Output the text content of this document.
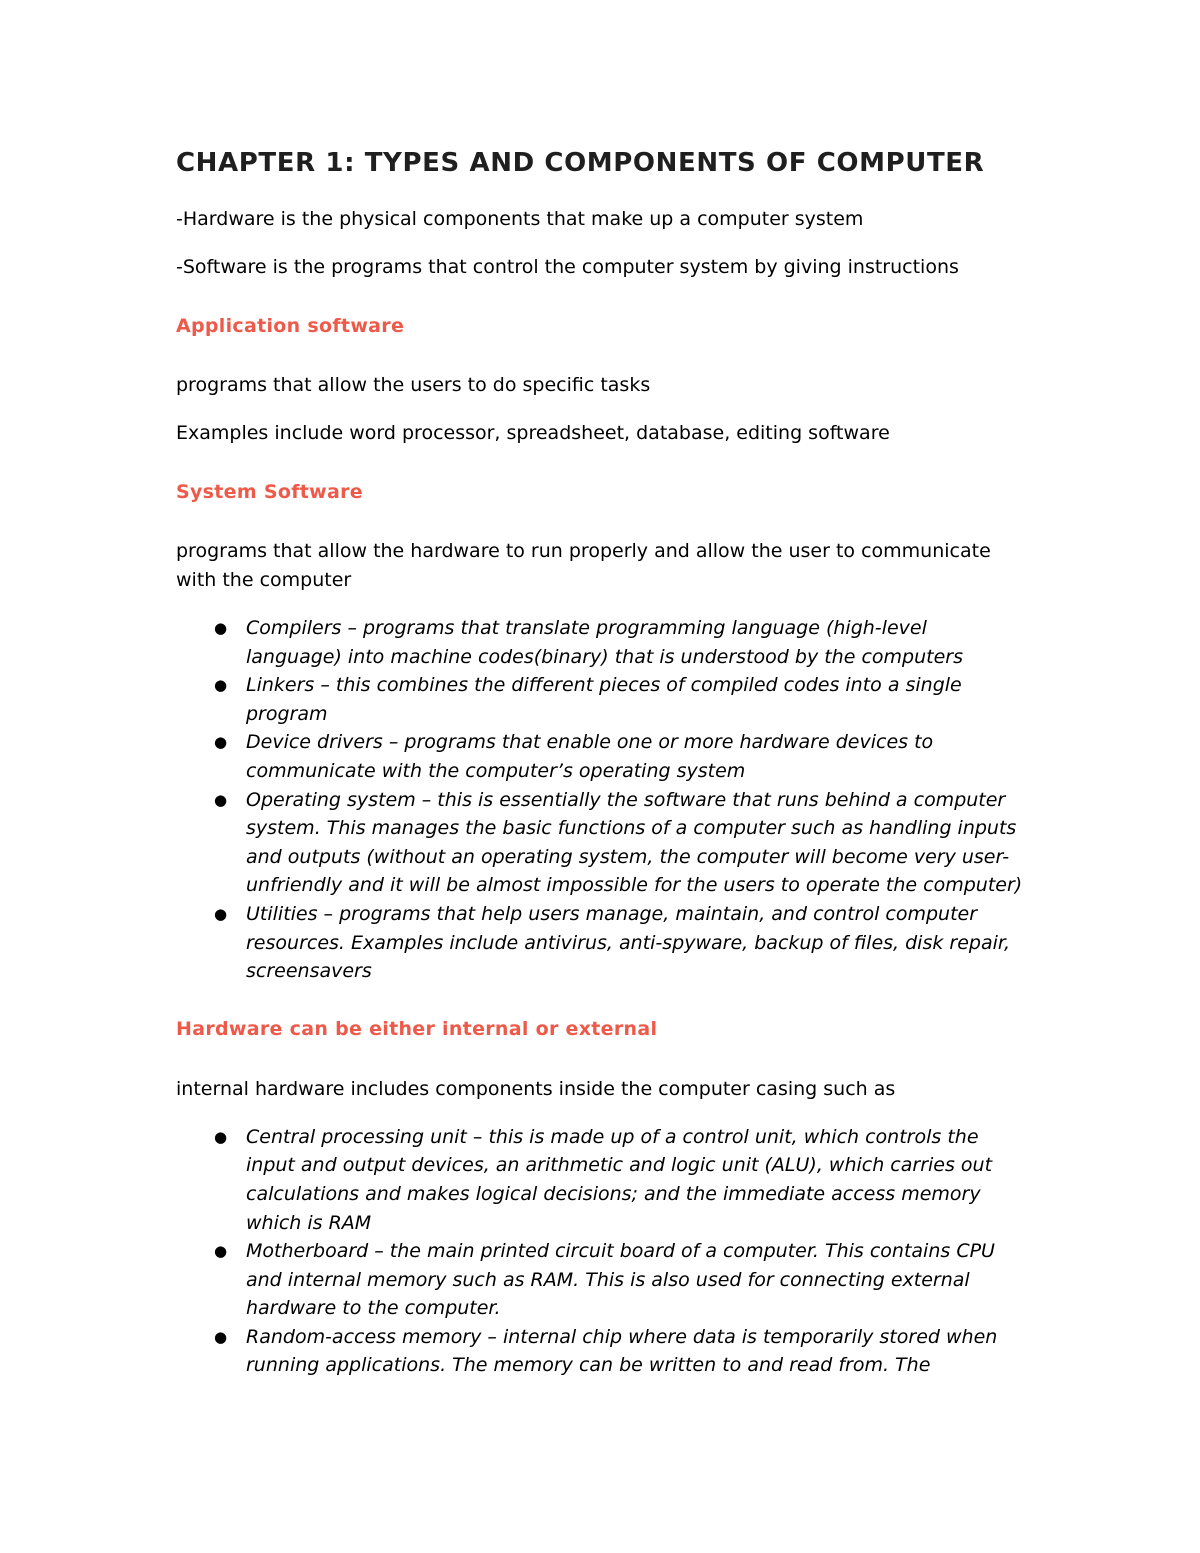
CHAPTER 1: TYPES AND COMPONENTS OF COMPUTER

-Hardware is the physical components that make up a computer system

-Software is the programs that control the computer system by giving instructions

Application software

programs that allow the users to do specific tasks

Examples include word processor, spreadsheet, database, editing software

System Software

programs that allow the hardware to run properly and allow the user to communicate with the computer

● Compilers – programs that translate programming language (high-level language) into machine codes(binary) that is understood by the computers
● Linkers – this combines the different pieces of compiled codes into a single program
● Device drivers – programs that enable one or more hardware devices to communicate with the computer’s operating system
● Operating system – this is essentially the software that runs behind a computer system. This manages the basic functions of a computer such as handling inputs and outputs (without an operating system, the computer will become very user-unfriendly and it will be almost impossible for the users to operate the computer)
● Utilities – programs that help users manage, maintain, and control computer resources. Examples include antivirus, anti-spyware, backup of files, disk repair, screensavers
Hardware can be either internal or external

internal hardware includes components inside the computer casing such as

● Central processing unit – this is made up of a control unit, which controls the input and output devices, an arithmetic and logic unit (ALU), which carries out calculations and makes logical decisions; and the immediate access memory which is RAM
● Motherboard – the main printed circuit board of a computer. This contains CPU and internal memory such as RAM. This is also used for connecting external hardware to the computer.
● Random-access memory – internal chip where data is temporarily stored when running applications. The memory can be written to and read from. The
